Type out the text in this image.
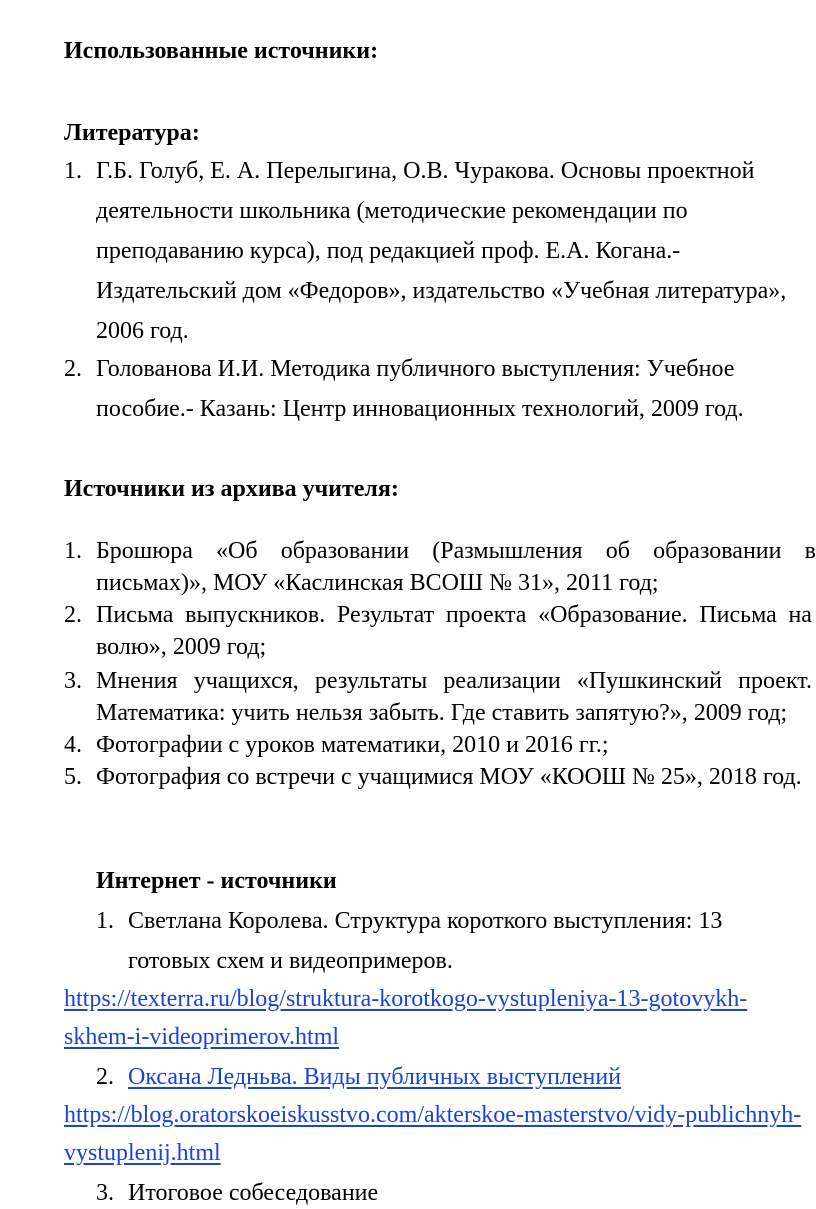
Использованные источники:
Литература:
1. Г.Б. Голуб, Е. А. Перелыгина, О.В. Чуракова. Основы проектной
деятельности школьника (методические рекомендации по
преподаванию курса), под редакцией проф. Е.А. Когана.-
Издательский дом «Федоров», издательство «Учебная литература»,
2006 год.
2. Голованова И.И. Методика публичного выступления: Учебное
пособие.- Казань: Центр инновационных технологий, 2009 год.
Источники из архива учителя:
1. Брошюра «Об образовании (Размышления об образовании в
письмах)», МОУ «Каслинская ВСОШ № 31», 2011 год;
2. Письма выпускников. Результат проекта «Образование. Письма на
волю», 2009 год;
3. Мнения учащихся, результаты реализации «Пушкинский проект.
Математика: учить нельзя забыть. Где ставить запятую?», 2009 год;
4. Фотографии с уроков математики, 2010 и 2016 гг.;
5. Фотография со встречи с учащимися МОУ «КООШ № 25», 2018 год.
Интернет - источники
1. Светлана Королева. Структура короткого выступления: 13
готовых схем и видеопримеров.
https://texterra.ru/blog/struktura-korotkogo-vystupleniya-13-gotovykh-
skhem-i-videoprimerov.html
2. Оксана Ледньва. Виды публичных выступлений
https://blog.oratorskoeiskusstvo.com/akterskoe-masterstvo/vidy-publichnyh-
vystuplenij.html
3. Итоговое собеседование
